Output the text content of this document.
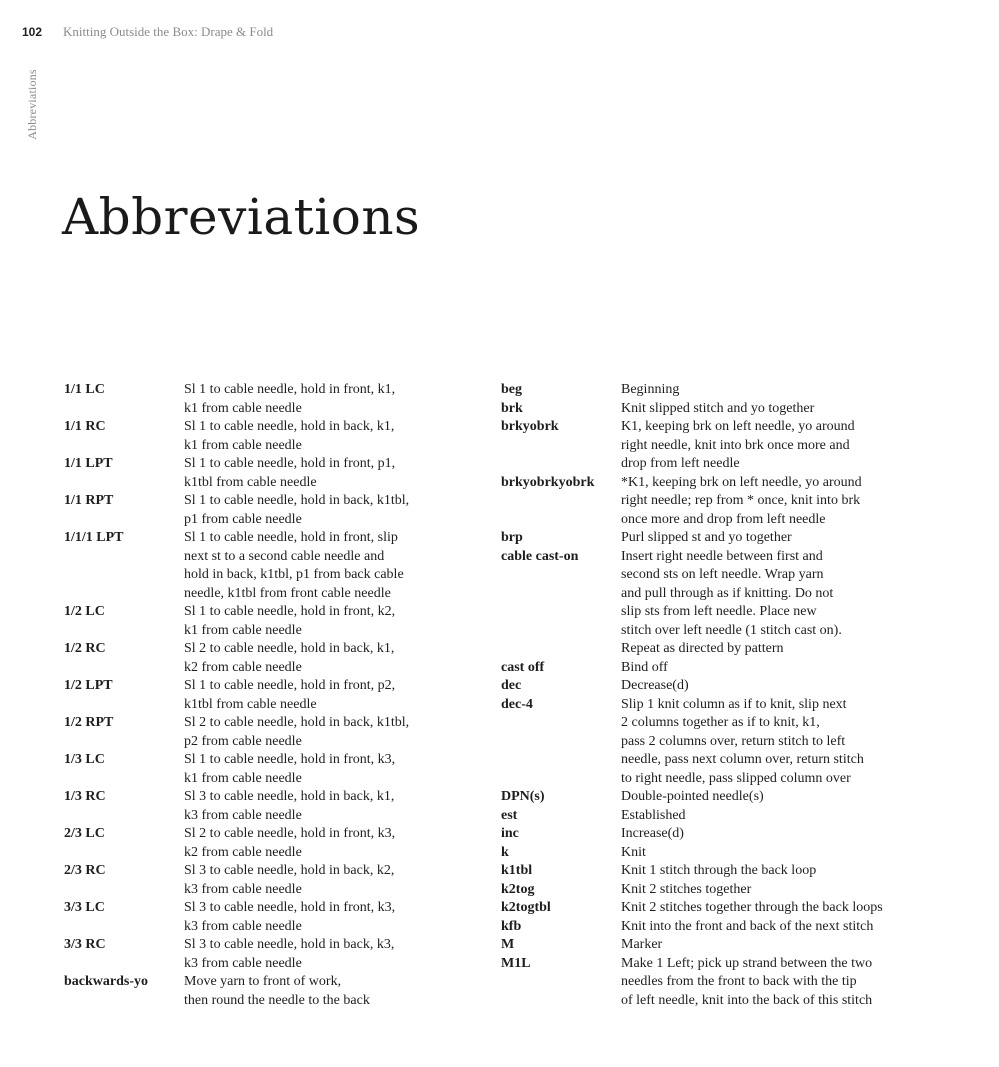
102 Knitting Outside the Box: Drape & Fold
Abbreviations
Abbreviations
1/1 LC	Sl 1 to cable needle, hold in front, k1,
k1 from cable needle
1/1 RC	Sl 1 to cable needle, hold in back, k1,
k1 from cable needle
1/1 LPT	Sl 1 to cable needle, hold in front, p1,
k1tbl from cable needle
1/1 RPT	Sl 1 to cable needle, hold in back, k1tbl,
p1 from cable needle
1/1/1 LPT	Sl 1 to cable needle, hold in front, slip
next st to a second cable needle and
hold in back, k1tbl, p1 from back cable
needle, k1tbl from front cable needle
1/2 LC	Sl 1 to cable needle, hold in front, k2,
k1 from cable needle
1/2 RC	Sl 2 to cable needle, hold in back, k1,
k2 from cable needle
1/2 LPT	Sl 1 to cable needle, hold in front, p2,
k1tbl from cable needle
1/2 RPT	Sl 2 to cable needle, hold in back, k1tbl,
p2 from cable needle
1/3 LC	Sl 1 to cable needle, hold in front, k3,
k1 from cable needle
1/3 RC	Sl 3 to cable needle, hold in back, k1,
k3 from cable needle
2/3 LC	Sl 2 to cable needle, hold in front, k3,
k2 from cable needle
2/3 RC	Sl 3 to cable needle, hold in back, k2,
k3 from cable needle
3/3 LC	Sl 3 to cable needle, hold in front, k3,
k3 from cable needle
3/3 RC	Sl 3 to cable needle, hold in back, k3,
k3 from cable needle
backwards-yo	Move yarn to front of work,
then round the needle to the back
beg	Beginning
brk	Knit slipped stitch and yo together
brkyobrk	K1, keeping brk on left needle, yo around
right needle, knit into brk once more and
drop from left needle
brkyobrkyobrk	*K1, keeping brk on left needle, yo around
right needle; rep from * once, knit into brk
once more and drop from left needle
brp	Purl slipped st and yo together
cable cast-on	Insert right needle between first and
second sts on left needle. Wrap yarn
and pull through as if knitting. Do not
slip sts from left needle. Place new
stitch over left needle (1 stitch cast on).
Repeat as directed by pattern
cast off	Bind off
dec	Decrease(d)
dec-4	Slip 1 knit column as if to knit, slip next
2 columns together as if to knit, k1,
pass 2 columns over, return stitch to left
needle, pass next column over, return stitch
to right needle, pass slipped column over
DPN(s)	Double-pointed needle(s)
est	Established
inc	Increase(d)
k	Knit
k1tbl	Knit 1 stitch through the back loop
k2tog	Knit 2 stitches together
k2togtbl	Knit 2 stitches together through the back loops
kfb	Knit into the front and back of the next stitch
M	Marker
M1L	Make 1 Left; pick up strand between the two
needles from the front to back with the tip
of left needle, knit into the back of this stitch
